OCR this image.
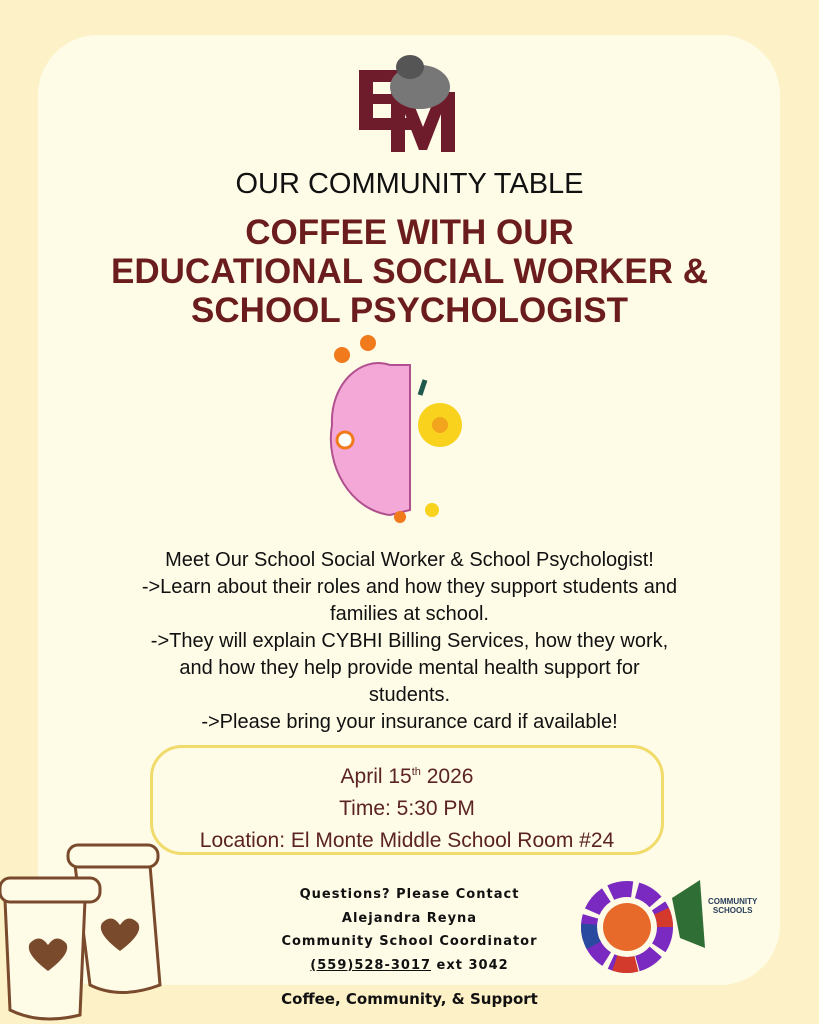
OUR COMMUNITY TABLE
COFFEE WITH OUR
EDUCATIONAL SOCIAL WORKER &
SCHOOL PSYCHOLOGIST
Meet Our School Social Worker & School Psychologist!
->Learn about their roles and how they support students and
families at school.
->They will explain CYBHI Billing Services, how they work,
and how they help provide mental health support for
students.
->Please bring your insurance card if available!
April 15th 2026
Time: 5:30 PM
Location: El Monte Middle School Room #24
Questions? Please Contact
Alejandra Reyna
Community School Coordinator
(559)528-3017 ext 3042
COMMUNITY
SCHOOLS
Coffee, Community, & Support
